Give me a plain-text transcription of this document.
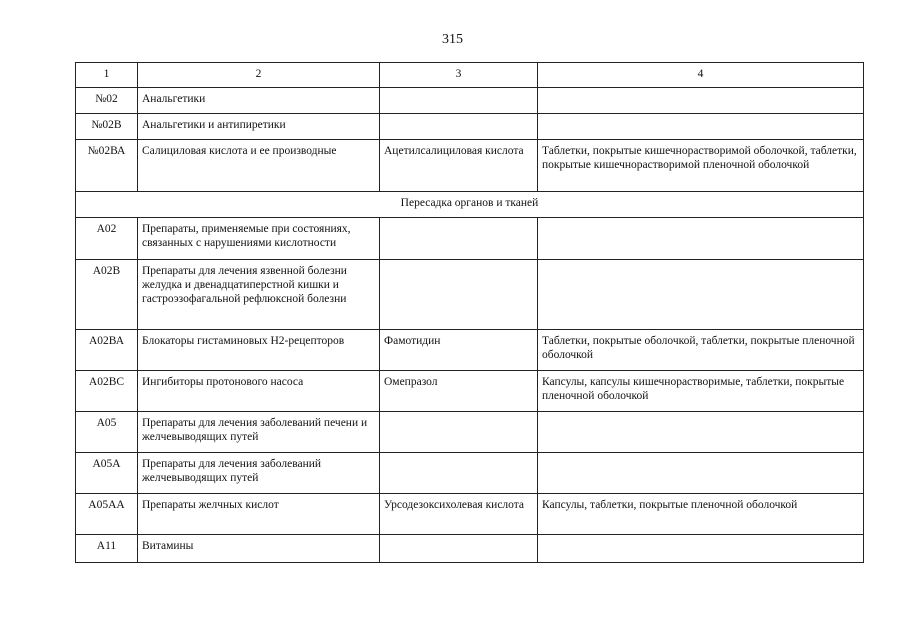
315
1	2	3	4
№02	Анальгетики		
№02В	Анальгетики и антипиретики		
№02ВА	Салициловая кислота и ее производные	Ацетилсалициловая кислота	Таблетки, покрытые кишечнорастворимой оболочкой, таблетки, покрытые кишечнорастворимой пленочной оболочкой
Пересадка органов и тканей			
А02	Препараты, применяемые при состояниях, связанных с нарушениями кислотности		
А02В	Препараты для лечения язвенной болезни желудка и двенадцатиперстной кишки и гастроэзофагальной рефлюксной болезни		
А02ВА	Блокаторы гистаминовых Н2-рецепторов	Фамотидин	Таблетки, покрытые оболочкой, таблетки, покрытые пленочной оболочкой
А02ВС	Ингибиторы протонового насоса	Омепразол	Капсулы, капсулы кишечнорастворимые, таблетки, покрытые пленочной оболочкой
А05	Препараты для лечения заболеваний печени и желчевыводящих путей		
А05А	Препараты для лечения заболеваний желчевыводящих путей		
А05АА	Препараты желчных кислот	Урсодезоксихолевая кислота	Капсулы, таблетки, покрытые пленочной оболочкой
А11	Витамины		
